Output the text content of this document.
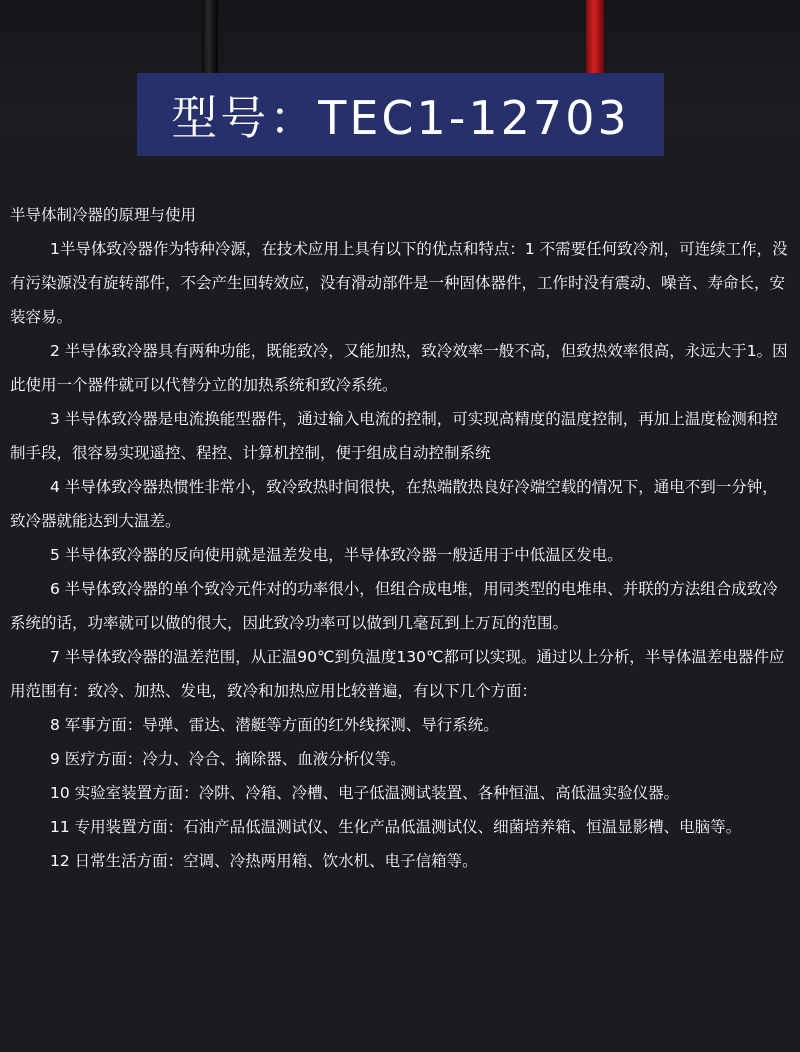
型号：TEC1-12703

半导体制冷器的原理与使用

1半导体致冷器作为特种冷源，在技术应用上具有以下的优点和特点：1 不需要任何致冷剂，可连续工作，没有污染源没有旋转部件，不会产生回转效应，没有滑动部件是一种固体器件，工作时没有震动、噪音、寿命长，安装容易。

2 半导体致冷器具有两种功能，既能致冷，又能加热，致冷效率一般不高，但致热效率很高，永远大于1。因此使用一个器件就可以代替分立的加热系统和致冷系统。

3 半导体致冷器是电流换能型器件，通过输入电流的控制，可实现高精度的温度控制，再加上温度检测和控制手段，很容易实现遥控、程控、计算机控制，便于组成自动控制系统

4 半导体致冷器热惯性非常小，致冷致热时间很快，在热端散热良好冷端空载的情况下，通电不到一分钟，致冷器就能达到大温差。

5 半导体致冷器的反向使用就是温差发电，半导体致冷器一般适用于中低温区发电。

6 半导体致冷器的单个致冷元件对的功率很小，但组合成电堆，用同类型的电堆串、并联的方法组合成致冷系统的话，功率就可以做的很大，因此致冷功率可以做到几毫瓦到上万瓦的范围。

7 半导体致冷器的温差范围，从正温90℃到负温度130℃都可以实现。通过以上分析，半导体温差电器件应用范围有：致冷、加热、发电，致冷和加热应用比较普遍，有以下几个方面：

8 军事方面：导弹、雷达、潜艇等方面的红外线探测、导行系统。

9 医疗方面：冷力、冷合、摘除器、血液分析仪等。

10 实验室装置方面：冷阱、冷箱、冷槽、电子低温测试装置、各种恒温、高低温实验仪器。

11 专用装置方面：石油产品低温测试仪、生化产品低温测试仪、细菌培养箱、恒温显影槽、电脑等。

12 日常生活方面：空调、冷热两用箱、饮水机、电子信箱等。
